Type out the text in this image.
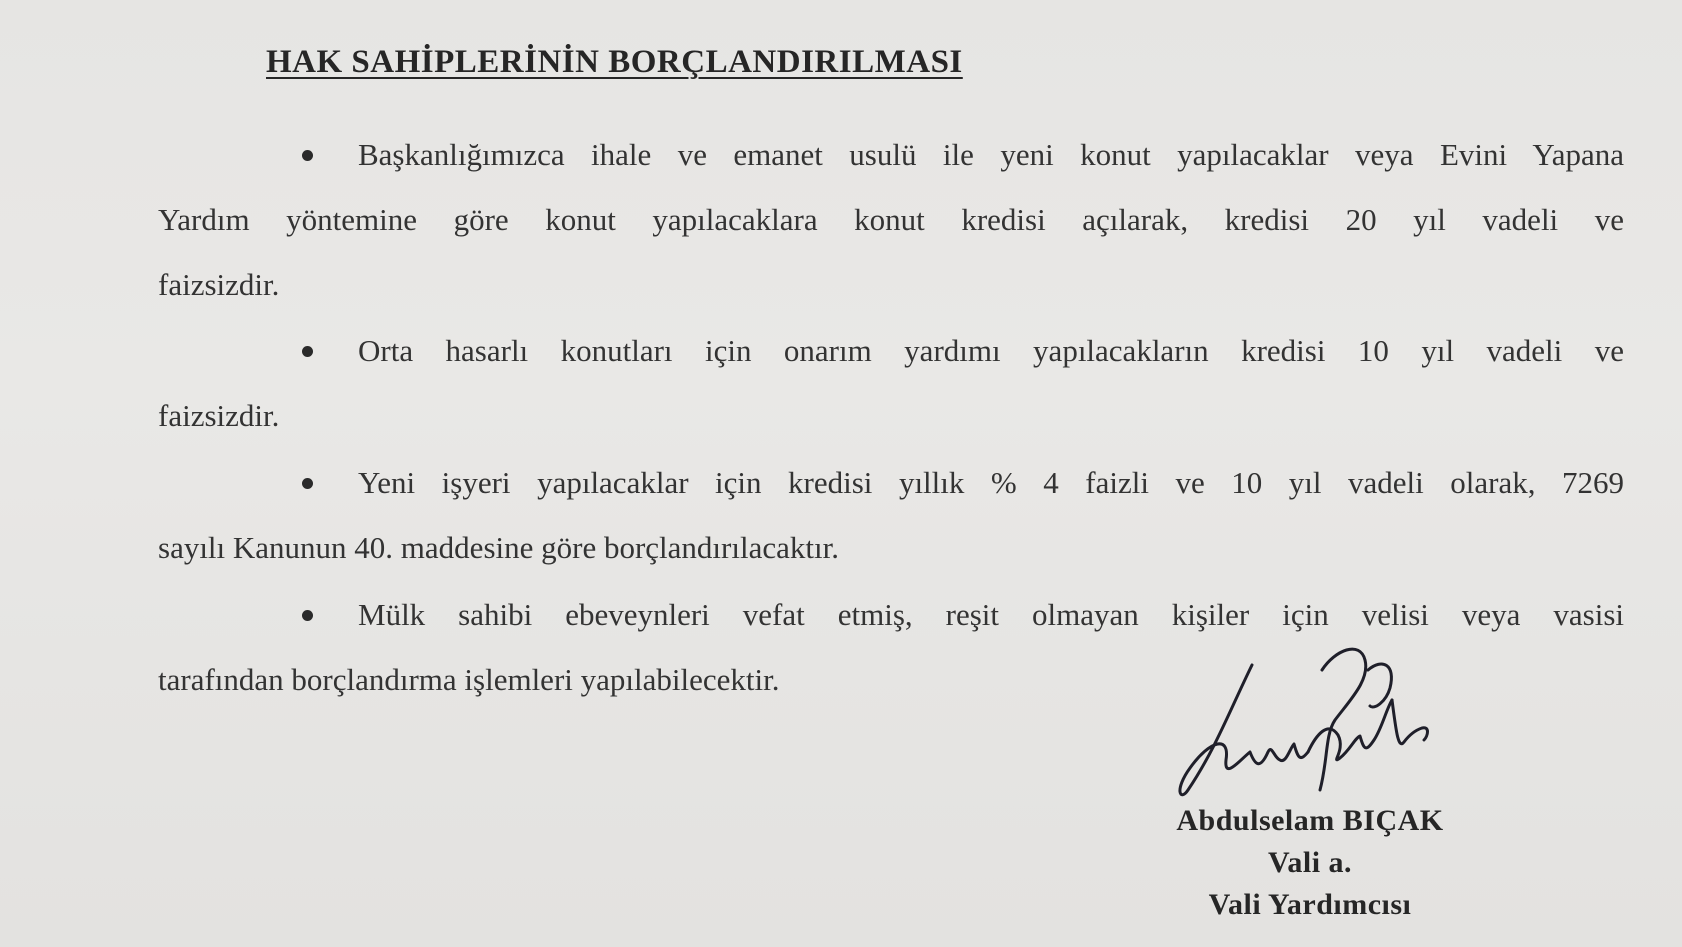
HAK SAHİPLERİNİN BORÇLANDIRILMASI
Başkanlığımızca ihale ve emanet usulü ile yeni konut yapılacaklar veya Evini Yapana
Yardım yöntemine göre konut yapılacaklara konut kredisi açılarak, kredisi 20 yıl vadeli ve
faizsizdir.
Orta hasarlı konutları için onarım yardımı yapılacakların kredisi 10 yıl vadeli ve
faizsizdir.
Yeni işyeri yapılacaklar için kredisi yıllık % 4 faizli ve 10 yıl vadeli olarak, 7269
sayılı Kanunun 40. maddesine göre borçlandırılacaktır.
Mülk sahibi ebeveynleri vefat etmiş, reşit olmayan kişiler için velisi veya vasisi
tarafından borçlandırma işlemleri yapılabilecektir.
Abdulselam BIÇAK
Vali a.
Vali Yardımcısı
